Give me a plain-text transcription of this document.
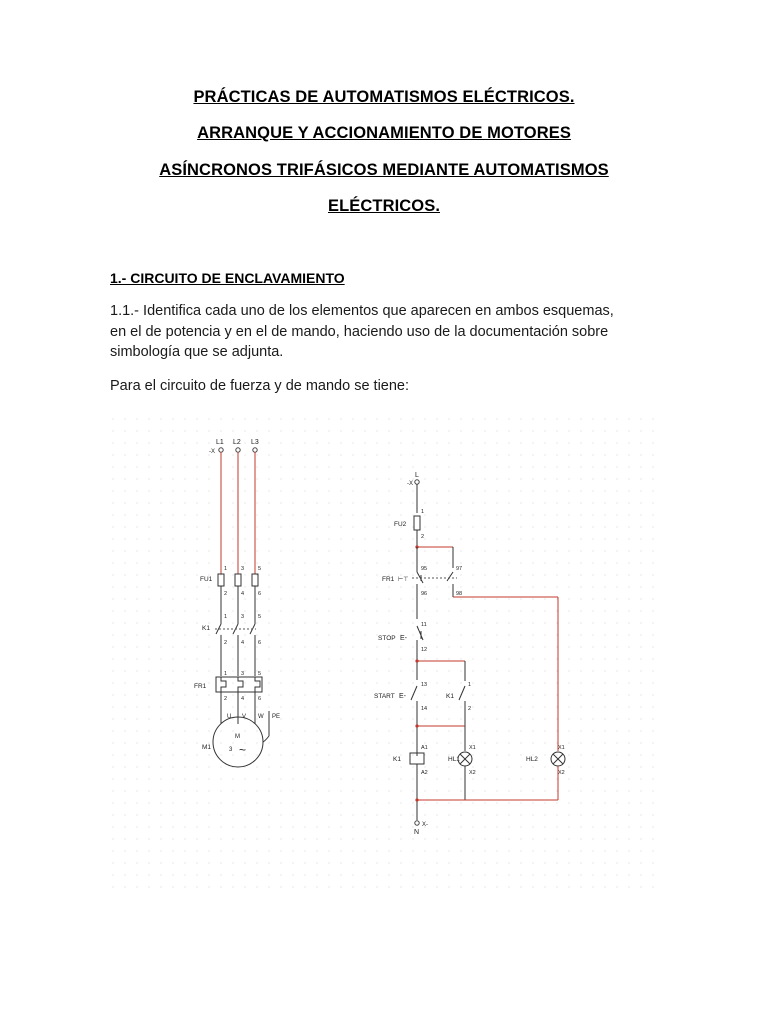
PRÁCTICAS DE AUTOMATISMOS ELÉCTRICOS.
ARRANQUE Y ACCIONAMIENTO DE MOTORES
ASÍNCRONOS TRIFÁSICOS MEDIANTE AUTOMATISMOS
ELÉCTRICOS.
1.- CIRCUITO DE ENCLAVAMIENTO
1.1.- Identifica cada uno de los elementos que aparecen en ambos esquemas,
en el de potencia y en el de mando, haciendo uso de la documentación sobre
simbología que se adjunta.
Para el circuito de fuerza y de mando se tiene:
L1 L2 L3
-X
FU1
1	3	5
2	4	6
K1
1	3	5
2	4	6
FR1
1	3	5
2	4	6
U V W PE
M1
M
3 ~
L
-X
FU2
1
2
FR1 ⊢⊤
95	97
96	98
STOP E-
11
12
START E-
13
14
K1
1
2
K1
A1
A2
HL1
X1
X2
HL2
X1
X2
X-
N
